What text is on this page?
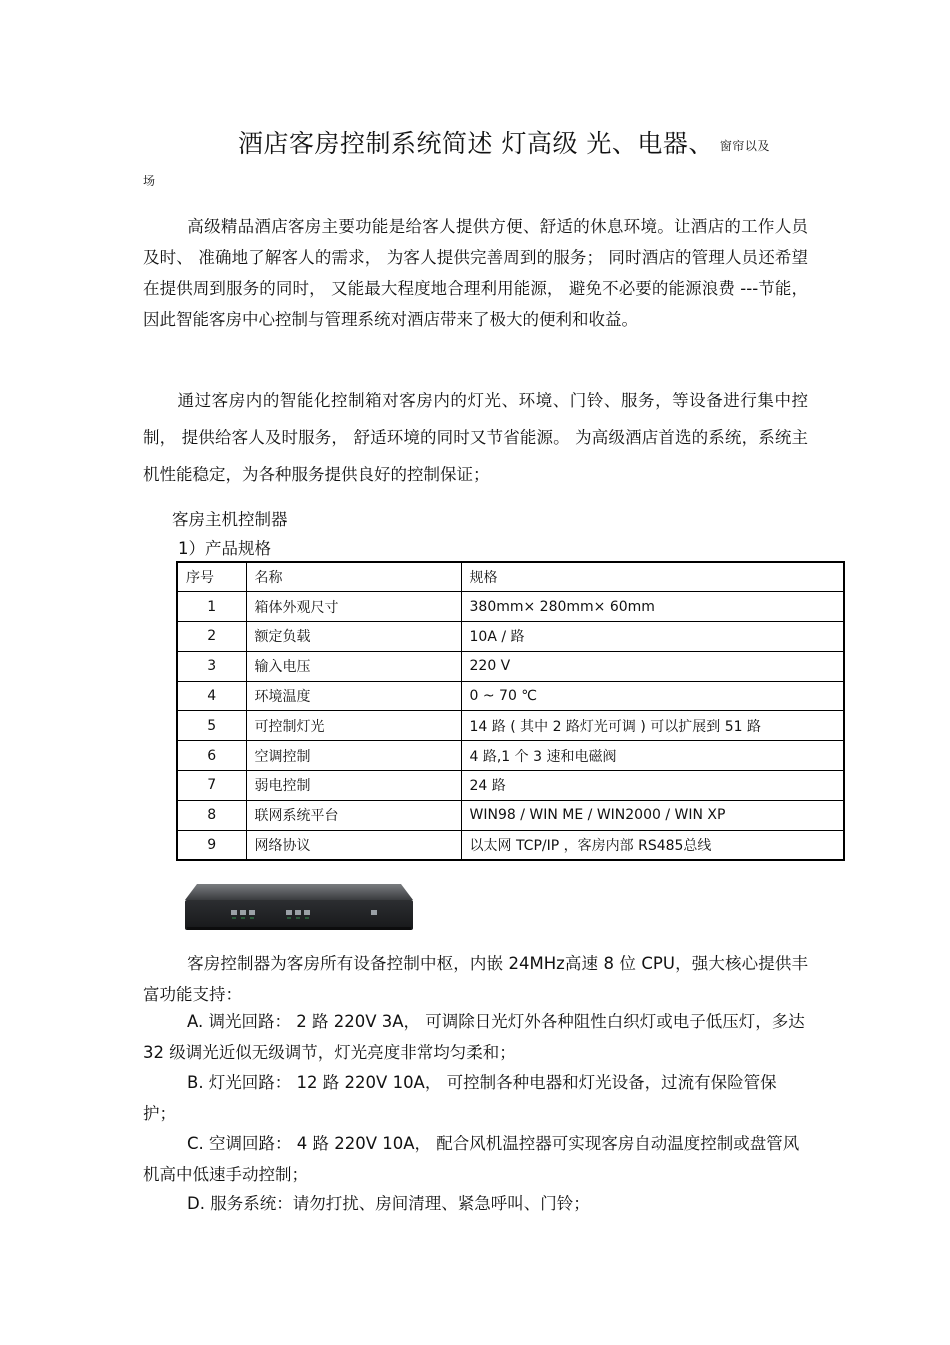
酒店客房控制系统简述 灯高级 光、电器、 窗帘以及
场
高级精品酒店客房主要功能是给客人提供方便、舒适的休息环境。让酒店的工作人员及时、 准确地了解客人的需求， 为客人提供完善周到的服务； 同时酒店的管理人员还希望在提供周到服务的同时， 又能最大程度地合理利用能源， 避免不必要的能源浪费 ---节能，因此智能客房中心控制与管理系统对酒店带来了极大的便利和收益。
通过客房内的智能化控制箱对客房内的灯光、环境、门铃、服务，等设备进行集中控制， 提供给客人及时服务， 舒适环境的同时又节省能源。 为高级酒店首选的系统，系统主机性能稳定，为各种服务提供良好的控制保证；
客房主机控制器
1）产品规格
序号	名称	规格
1	箱体外观尺寸	380mm× 280mm× 60mm
2	额定负载	10A / 路
3	输入电压	220 V
4	环境温度	0 ~ 70 ℃
5	可控制灯光	14 路 ( 其中 2 路灯光可调 ) 可以扩展到 51 路
6	空调控制	4 路,1 个 3 速和电磁阀
7	弱电控制	24 路
8	联网系统平台	WIN98 / WIN ME / WIN2000 / WIN XP
9	网络协议	以太网 TCP/IP ，客房内部 RS485总线
客房控制器为客房所有设备控制中枢，内嵌 24MHz高速 8 位 CPU，强大核心提供丰富功能支持：
A. 调光回路： 2 路 220V 3A， 可调除日光灯外各种阻性白织灯或电子低压灯，多达 32 级调光近似无级调节，灯光亮度非常均匀柔和；
B. 灯光回路： 12 路 220V 10A， 可控制各种电器和灯光设备，过流有保险管保护；
C. 空调回路： 4 路 220V 10A， 配合风机温控器可实现客房自动温度控制或盘管风机高中低速手动控制；
D. 服务系统：请勿打扰、房间清理、紧急呼叫、门铃；
